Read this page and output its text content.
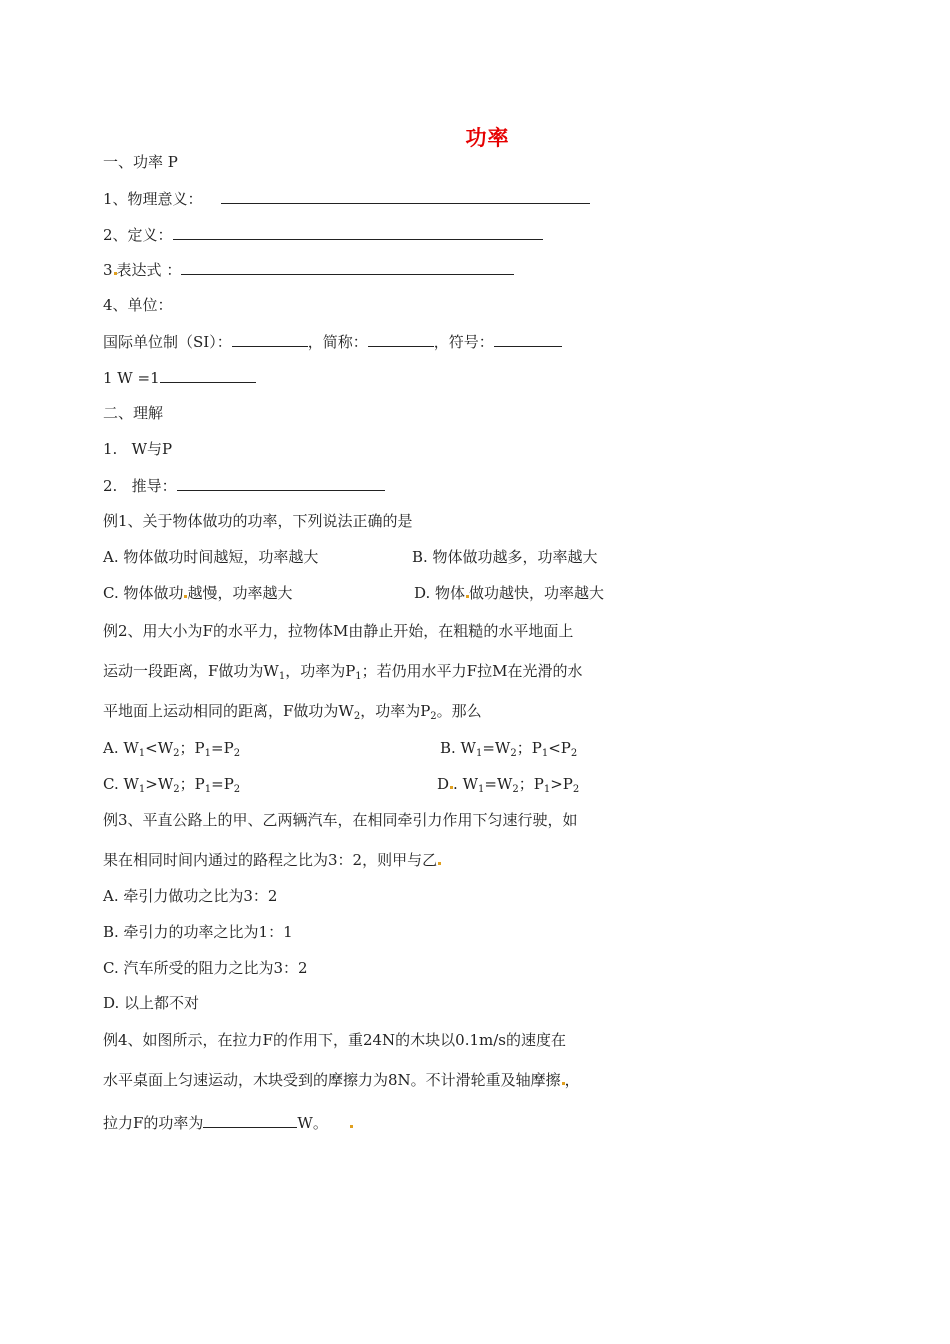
功率
一、功率 P
1、物理意义：
2、定义：
3 表达式 ：
4、单位：
国际单位制（SI）：	，简称：	，符号：
1 W =1
二、理解
1.   W与P
2.   推导：
例1、关于物体做功的功率，下列说法正确的是
A. 物体做功时间越短，功率越大	B. 物体做功越多，功率越大
C. 物体做功 越慢，功率越大	D. 物体 做功越快，功率越大
例2、用大小为F的水平力，拉物体M由静止开始，在粗糙的水平地面上
运动一段距离，F做功为$W_1$，功率为$P_1$；若仍用水平力F拉M在光滑的水
平地面上运动相同的距离，F做功为$W_2$，功率为$P_2$。那么
A. $W_1<W_2$；$P_1=P_2$	B. $W_1=W_2$；$P_1<P_2$
C. $W_1>W_2$；$P_1=P_2$	D . $W_1=W_2$；$P_1>P_2$
例3、平直公路上的甲、乙两辆汽车，在相同牵引力作用下匀速行驶，如
果在相同时间内通过的路程之比为3：2，则甲与乙
A. 牵引力做功之比为3：2
B. 牵引力的功率之比为1：1
C. 汽车所受的阻力之比为3：2
D. 以上都不对
例4、如图所示，在拉力F的作用下，重24N的木块以0.1m/s的速度在
水平桌面上匀速运动，木块受到的摩擦力为8N。不计滑轮重及轴摩擦 ，
拉力F的功率为	W。
